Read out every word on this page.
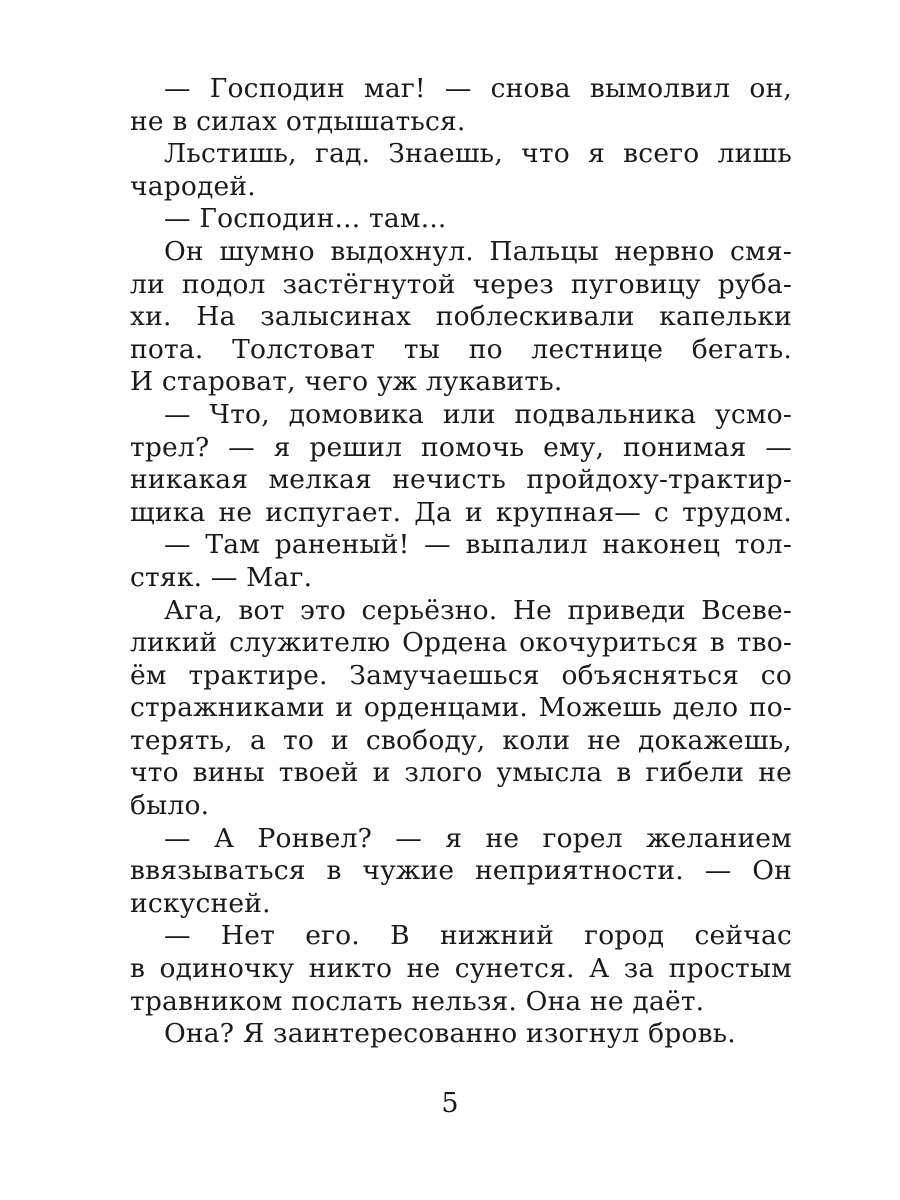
— Господин маг! — снова вымолвил он,
не в силах отдышаться.
Льстишь, гад. Знаешь, что я всего лишь
чародей.
— Господин... там...
Он шумно выдохнул. Пальцы нервно смя-
ли подол застёгнутой через пуговицу руба-
хи. На залысинах поблескивали капельки
пота. Толстоват ты по лестнице бегать.
И староват, чего уж лукавить.
— Что, домовика или подвальника усмо-
трел? — я решил помочь ему, понимая —
никакая мелкая нечисть пройдоху-трактир-
щика не испугает. Да и крупная— с трудом.
— Там раненый! — выпалил наконец тол-
стяк. — Маг.
Ага, вот это серьёзно. Не приведи Всеве-
ликий служителю Ордена окочуриться в тво-
ём трактире. Замучаешься объясняться со
стражниками и орденцами. Можешь дело по-
терять, а то и свободу, коли не докажешь,
что вины твоей и злого умысла в гибели не
было.
— А Ронвел? — я не горел желанием
ввязываться в чужие неприятности. — Он
искусней.
— Нет его. В нижний город сейчас
в одиночку никто не сунется. А за простым
травником послать нельзя. Она не даёт.
Она? Я заинтересованно изогнул бровь.
5
